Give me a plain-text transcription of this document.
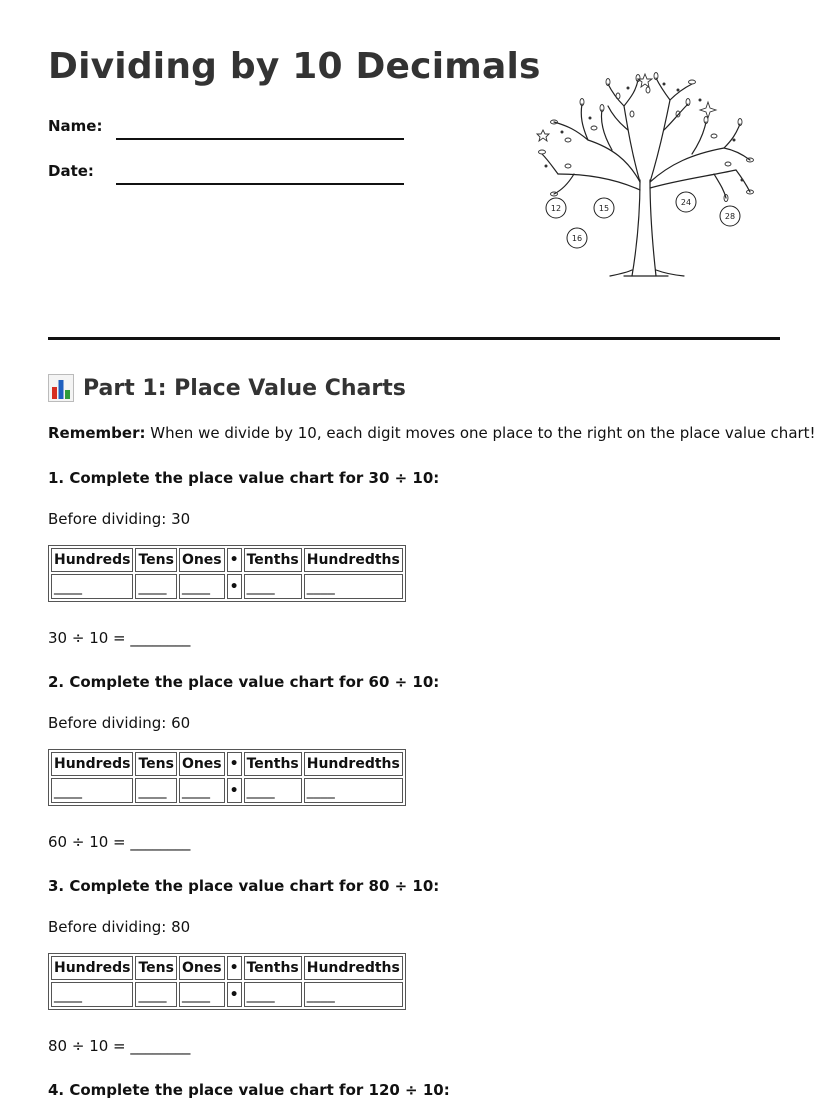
Dividing by 10 Decimals
Name:
Date:
12	15
24
28
16
Part 1: Place Value Charts
Remember: When we divide by 10, each digit moves one place to the right on the place value chart!
1. Complete the place value chart for 30 ÷ 10:
Before dividing: 30
Hundreds	Tens	Ones	•	Tenths	Hundredths
____	____	____	•	____	____
30 ÷ 10 = ________
2. Complete the place value chart for 60 ÷ 10:
Before dividing: 60
Hundreds	Tens	Ones	•	Tenths	Hundredths
____	____	____	•	____	____
60 ÷ 10 = ________
3. Complete the place value chart for 80 ÷ 10:
Before dividing: 80
Hundreds	Tens	Ones	•	Tenths	Hundredths
____	____	____	•	____	____
80 ÷ 10 = ________
4. Complete the place value chart for 120 ÷ 10:
